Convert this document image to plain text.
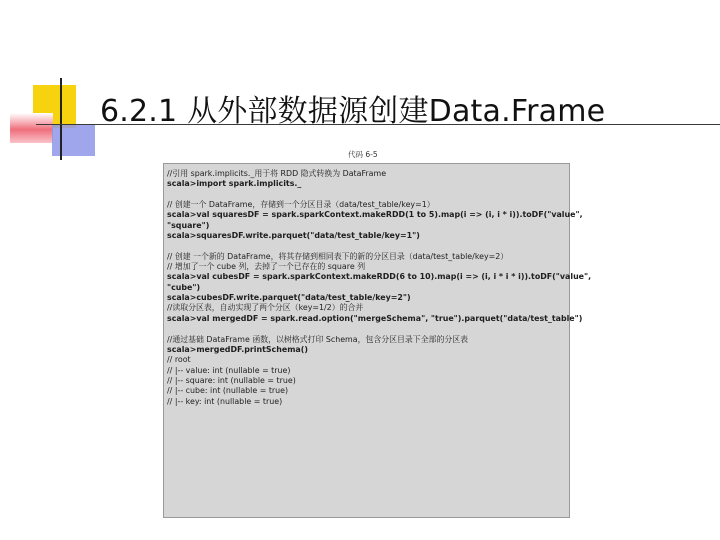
6.2.1 从外部数据源创建Data.Frame
代码 6-5
//引用 spark.implicits._用于将 RDD 隐式转换为 DataFrame
scala>import spark.implicits._
// 创建一个 DataFrame，存储到一个分区目录（data/test_table/key=1）
scala>val squaresDF = spark.sparkContext.makeRDD(1 to 5).map(i => (i, i * i)).toDF("value",
"square")
scala>squaresDF.write.parquet("data/test_table/key=1")
// 创建 一个新的 DataFrame，将其存储到相同表下的新的分区目录（data/test_table/key=2）
// 增加了一个 cube 列，去掉了一个已存在的 square 列
scala>val cubesDF = spark.sparkContext.makeRDD(6 to 10).map(i => (i, i * i * i)).toDF("value",
"cube")
scala>cubesDF.write.parquet("data/test_table/key=2")
//读取分区表，自动实现了两个分区（key=1/2）的合并
scala>val mergedDF = spark.read.option("mergeSchema", "true").parquet("data/test_table")
//通过基础 DataFrame 函数，以树格式打印 Schema，包含分区目录下全部的分区表
scala>mergedDF.printSchema()
// root
// |-- value: int (nullable = true)
// |-- square: int (nullable = true)
// |-- cube: int (nullable = true)
// |-- key: int (nullable = true)
